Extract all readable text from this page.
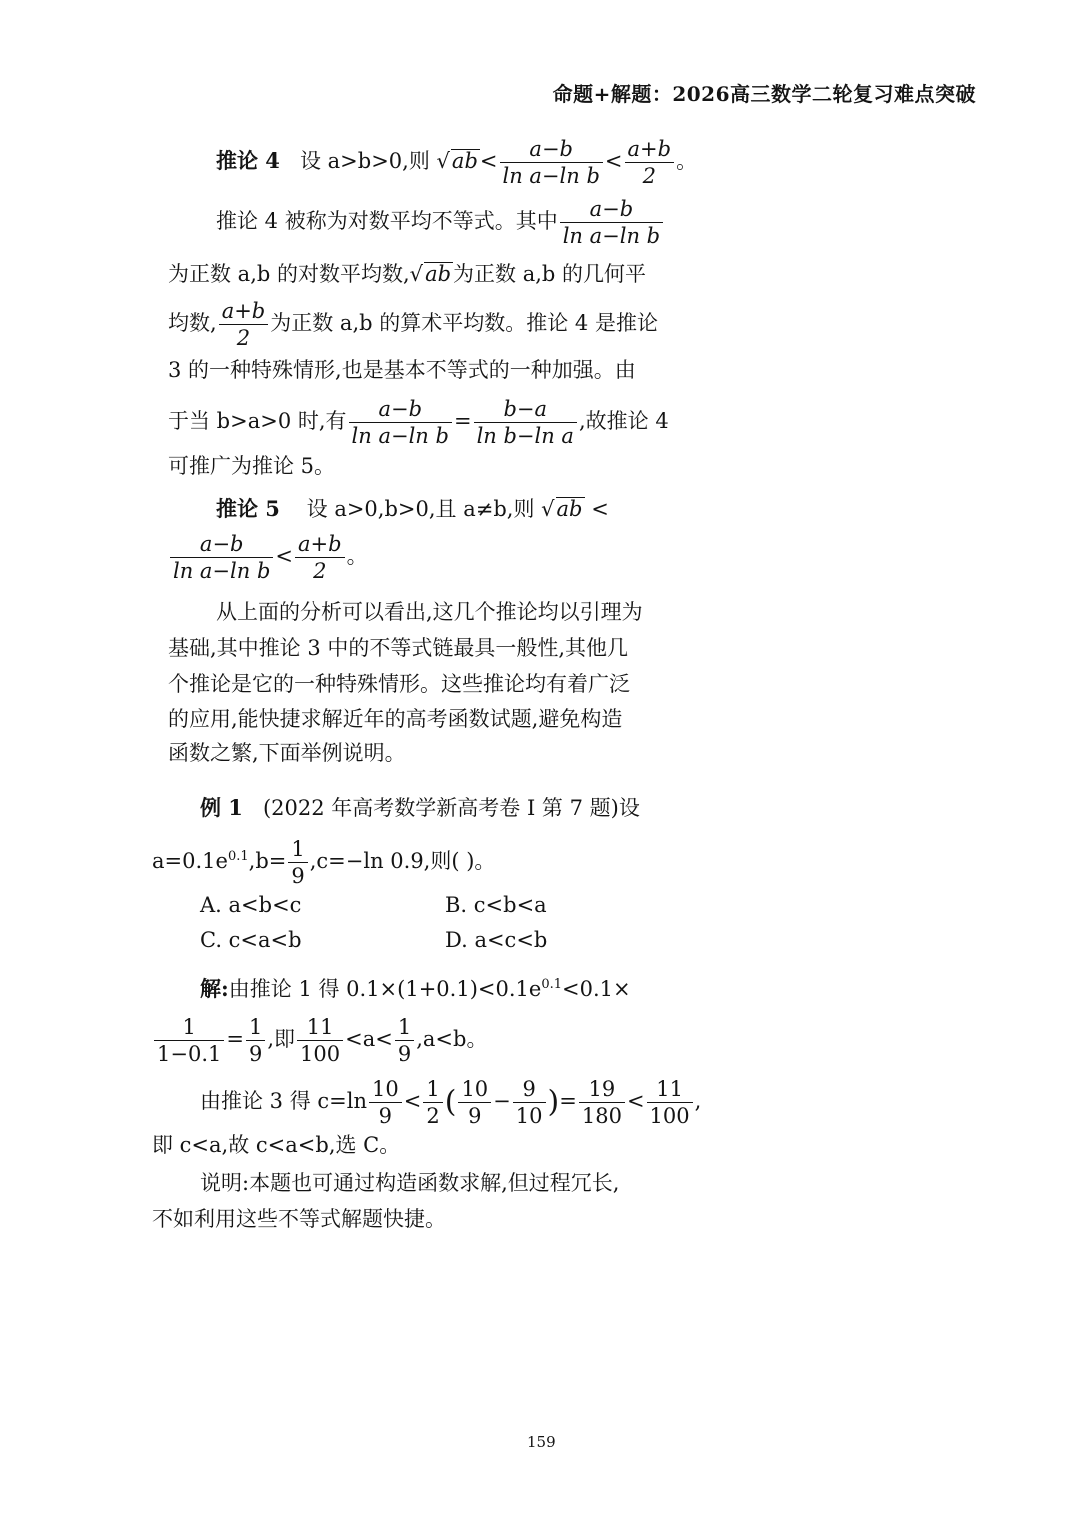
命题+解题：2026高三数学二轮复习难点突破
推论 4 设 a>b>0,则 $√ab< \frac{a-b}{\text{ln a−ln b}} < \frac{a+b}{2}$ 。
推论 4 被称为对数平均不等式。其中 $\frac{a-b}{\text{ln a−ln b}}$
为正数 a,b 的对数平均数,√ab为正数 a,b 的几何平
均数, $\frac{a+b}{2}$ 为正数 a,b 的算术平均数。推论 4 是推论
3 的一种特殊情形,也是基本不等式的一种加强。由
于当 b>a>0 时,有 $\frac{a-b}{\text{ln a−ln b}} = \frac{b-a}{\text{ln b−ln a}}$ ,故推论 4
可推广为推论 5。
推论 5 设 a>0,b>0,且 a≠b,则 √ab <
$\frac{a-b}{\text{ln a−ln b}} < \frac{a+b}{2}$ 。
从上面的分析可以看出,这几个推论均以引理为
基础,其中推论 3 中的不等式链最具一般性,其他几
个推论是它的一种特殊情形。这些推论均有着广泛
的应用,能快捷求解近年的高考函数试题,避免构造
函数之繁,下面举例说明。
例 1 (2022 年高考数学新高考卷 Ⅰ 第 7 题)设
$a=0.1e^{0.1},b= \frac{1}{9} ,c=-\ln$ 0.9,则( )。
A. a<b<c	B. c<b<a
C. c<a<b	D. a<c<b
解:由推论 1 得 $0.1\times(1+0.1)<0.1e^{0.1}<0.1\times$
$\frac{1}{1-0.1} = \frac{1}{9}$ ,即 $\frac{11}{100} <a< \frac{1}{9} ,a<b$。
由推论 3 得 $c=\ln \frac{10}{9} < \frac{1}{2}$ ( $\frac{10}{9} - \frac{9}{10}$ )= $\frac{19}{180} < \frac{11}{100}$ ,
即 c<a,故 c<a<b,选 C。
说明:本题也可通过构造函数求解,但过程冗长,
不如利用这些不等式解题快捷。
159
